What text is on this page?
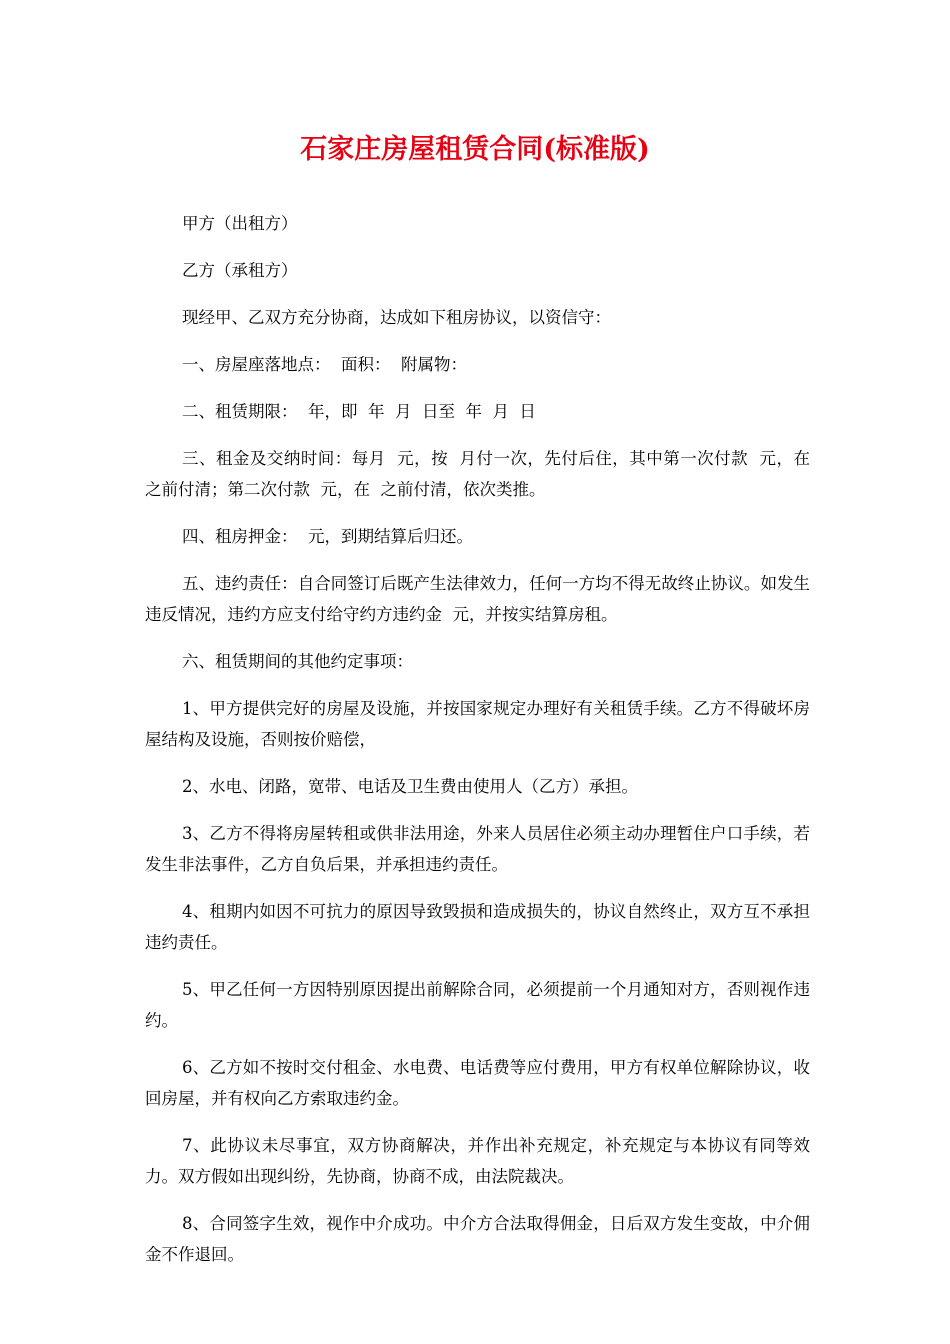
石家庄房屋租赁合同(标准版)

甲方（出租方）

乙方（承租方）

现经甲、乙双方充分协商，达成如下租房协议，以资信守：

一、房屋座落地点：  面积：  附属物：

二、租赁期限：  年，即  年  月  日至  年  月  日

三、租金及交纳时间：每月  元，按  月付一次，先付后住，其中第一次付款  元，在  之前付清；第二次付款  元，在  之前付清，依次类推。

四、租房押金：  元，到期结算后归还。

五、违约责任：自合同签订后既产生法律效力，任何一方均不得无故终止协议。如发生违反情况，违约方应支付给守约方违约金  元，并按实结算房租。

六、租赁期间的其他约定事项：

1、甲方提供完好的房屋及设施，并按国家规定办理好有关租赁手续。乙方不得破坏房屋结构及设施，否则按价赔偿，

2、水电、闭路，宽带、电话及卫生费由使用人（乙方）承担。

3、乙方不得将房屋转租或供非法用途，外来人员居住必须主动办理暂住户口手续，若发生非法事件，乙方自负后果，并承担违约责任。

4、租期内如因不可抗力的原因导致毁损和造成损失的，协议自然终止，双方互不承担违约责任。

5、甲乙任何一方因特别原因提出前解除合同，必须提前一个月通知对方，否则视作违约。

6、乙方如不按时交付租金、水电费、电话费等应付费用，甲方有权单位解除协议，收回房屋，并有权向乙方索取违约金。

7、此协议未尽事宜，双方协商解决，并作出补充规定，补充规定与本协议有同等效力。双方假如出现纠纷，先协商，协商不成，由法院裁决。

8、合同签字生效，视作中介成功。中介方合法取得佣金，日后双方发生变故，中介佣金不作退回。
